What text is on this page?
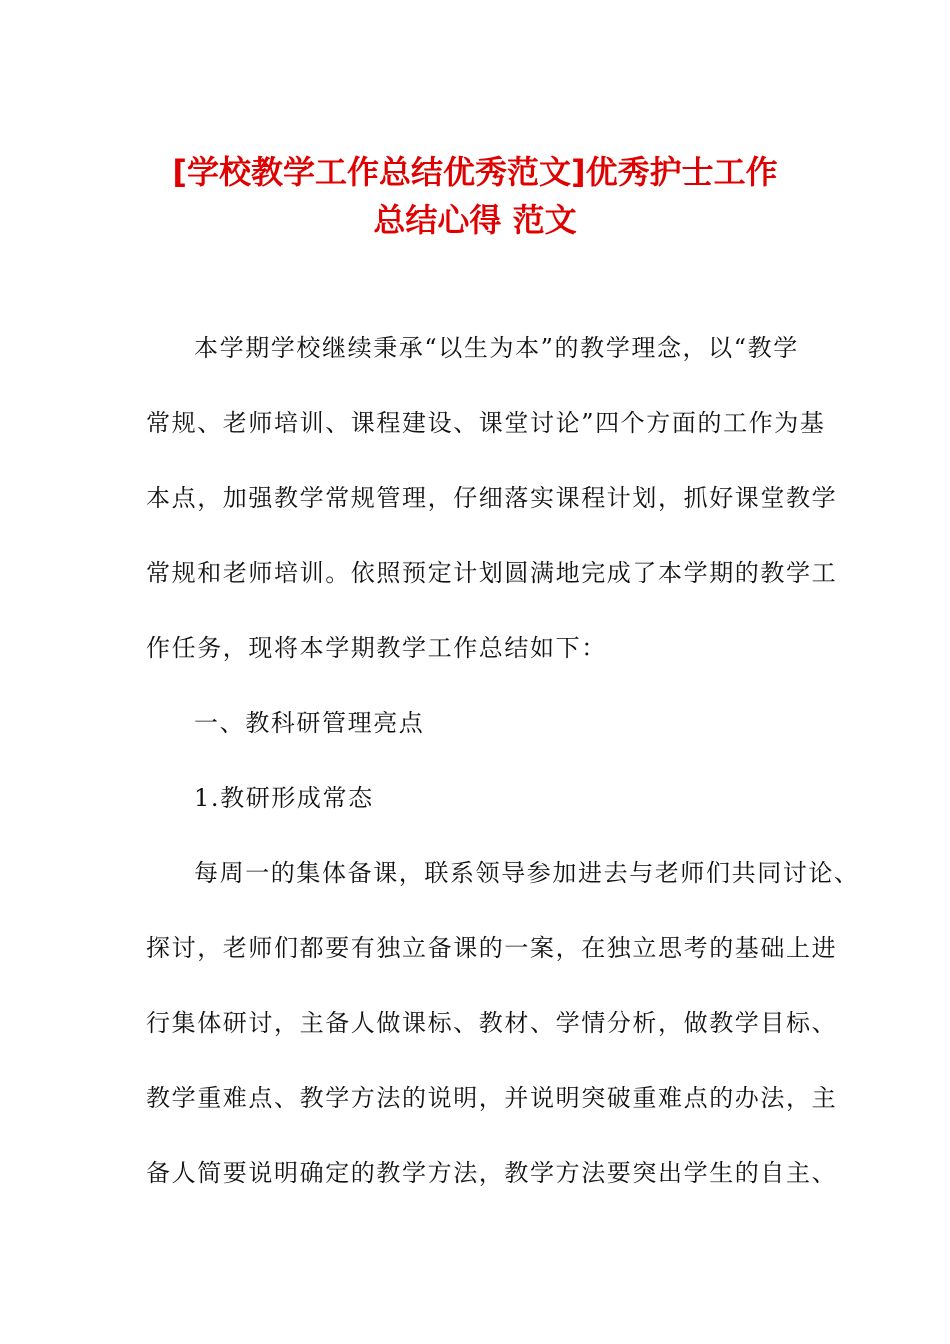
[学校教学工作总结优秀范文]优秀护士工作
总结心得 范文

本学期学校继续秉承“以生为本”的教学理念，以“教学

常规、老师培训、课程建设、课堂讨论”四个方面的工作为基

本点，加强教学常规管理，仔细落实课程计划，抓好课堂教学

常规和老师培训。依照预定计划圆满地完成了本学期的教学工

作任务，现将本学期教学工作总结如下：

一、教科研管理亮点

1.教研形成常态

每周一的集体备课，联系领导参加进去与老师们共同讨论、

探讨，老师们都要有独立备课的一案，在独立思考的基础上进

行集体研讨，主备人做课标、教材、学情分析，做教学目标、

教学重难点、教学方法的说明，并说明突破重难点的办法，主

备人简要说明确定的教学方法，教学方法要突出学生的自主、
